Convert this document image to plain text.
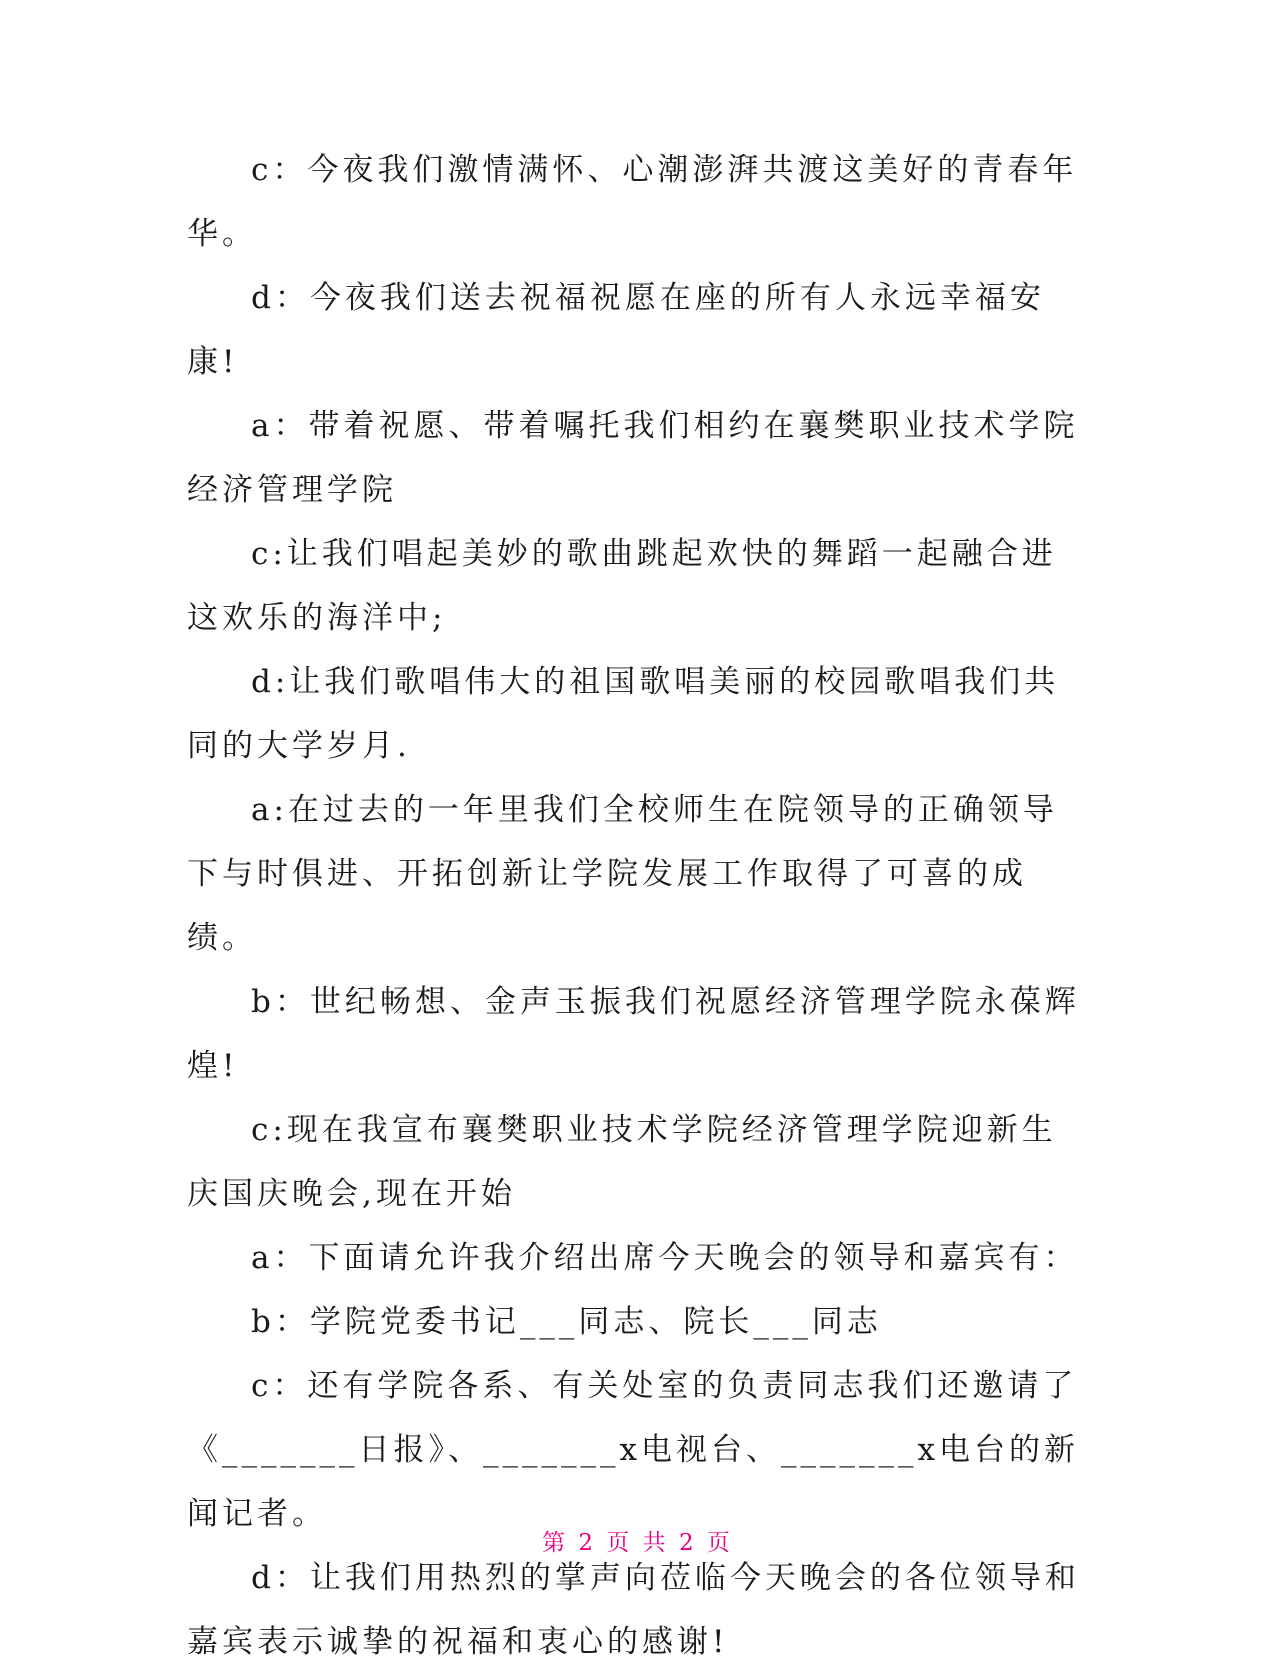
c：今夜我们激情满怀、心潮澎湃共渡这美好的青春年华。

d：今夜我们送去祝福祝愿在座的所有人永远幸福安康!

a：带着祝愿、带着嘱托我们相约在襄樊职业技术学院经济管理学院

c:让我们唱起美妙的歌曲跳起欢快的舞蹈一起融合进这欢乐的海洋中;

d:让我们歌唱伟大的祖国歌唱美丽的校园歌唱我们共同的大学岁月.

a:在过去的一年里我们全校师生在院领导的正确领导下与时俱进、开拓创新让学院发展工作取得了可喜的成绩。

b：世纪畅想、金声玉振我们祝愿经济管理学院永葆辉煌!

c:现在我宣布襄樊职业技术学院经济管理学院迎新生庆国庆晚会,现在开始

a：下面请允许我介绍出席今天晚会的领导和嘉宾有：

b：学院党委书记___同志、院长___同志

c：还有学院各系、有关处室的负责同志我们还邀请了《_______日报》、_______x电视台、_______x电台的新闻记者。

d：让我们用热烈的掌声向莅临今天晚会的各位领导和嘉宾表示诚挚的祝福和衷心的感谢!

第 2 页 共 2 页
